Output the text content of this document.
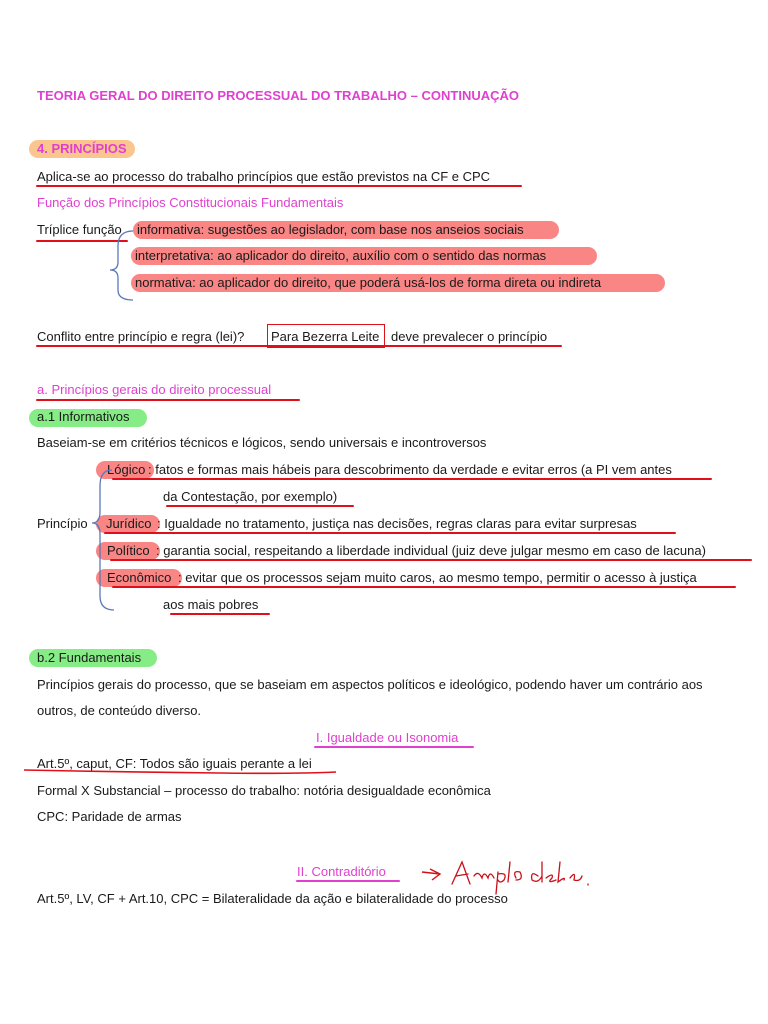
TEORIA GERAL DO DIREITO PROCESSUAL DO TRABALHO – CONTINUAÇÃO
4. PRINCÍPIOS
Aplica-se ao processo do trabalho princípios que estão previstos na CF e CPC
Função dos Princípios Constitucionais Fundamentais
Tríplice função informativa: sugestões ao legislador, com base nos anseios sociais
interpretativa: ao aplicador do direito, auxílio com o sentido das normas
normativa: ao aplicador do direito, que poderá usá-los de forma direta ou indireta
Conflito entre princípio e regra (lei)? Para Bezerra Leite deve prevalecer o princípio
a. Princípios gerais do direito processual
a.1 Informativos
Baseiam-se em critérios técnicos e lógicos, sendo universais e incontroversos
Lógico : fatos e formas mais hábeis para descobrimento da verdade e evitar erros (a PI vem antes
da Contestação, por exemplo)
Princípio Jurídico : Igualdade no tratamento, justiça nas decisões, regras claras para evitar surpresas
Político : garantia social, respeitando a liberdade individual (juiz deve julgar mesmo em caso de lacuna)
Econômico : evitar que os processos sejam muito caros, ao mesmo tempo, permitir o acesso à justiça
aos mais pobres
b.2 Fundamentais
Princípios gerais do processo, que se baseiam em aspectos políticos e ideológico, podendo haver um contrário aos
outros, de conteúdo diverso.
I. Igualdade ou Isonomia
Art.5º, caput, CF: Todos são iguais perante a lei
Formal X Substancial – processo do trabalho: notória desigualdade econômica
CPC: Paridade de armas
II. Contraditório
Art.5º, LV, CF + Art.10, CPC = Bilateralidade da ação e bilateralidade do processo
